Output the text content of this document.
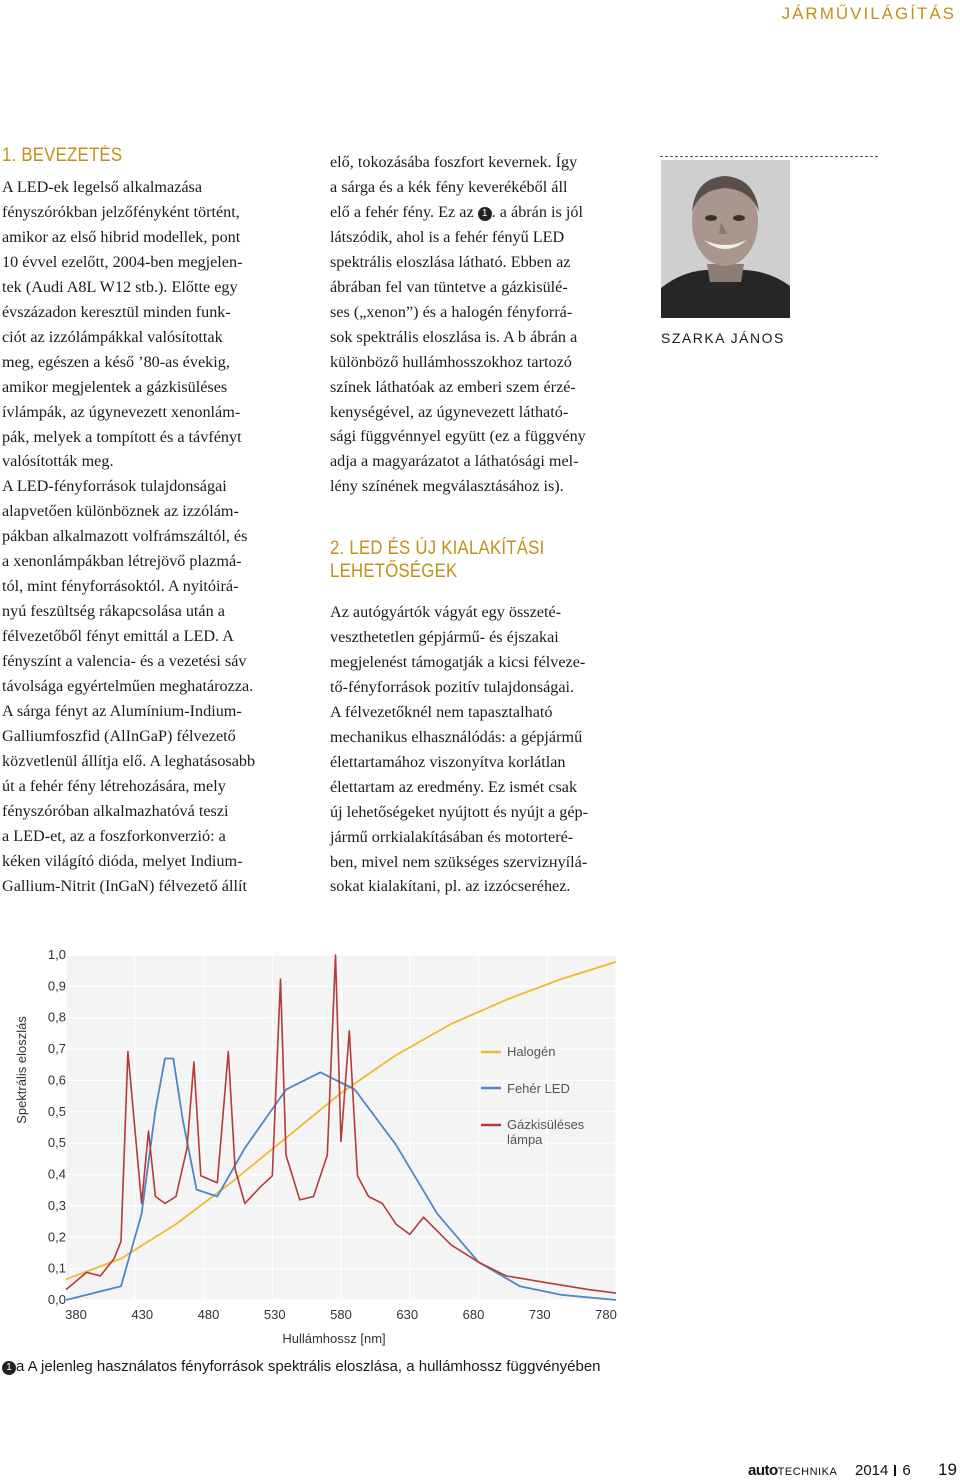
JÁRMŰVILÁGÍTÁS
1. BEVEZETÉS
A LED-ek legelső alkalmazása
fényszórókban jelzőfényként történt,
amikor az első hibrid modellek, pont
10 évvel ezelőtt, 2004-ben megjelen-
tek (Audi A8L W12 stb.). Előtte egy
évszázadon keresztül minden funk-
ciót az izzólámpákkal valósítottak
meg, egészen a késő ’80-as évekig,
amikor megjelentek a gázkisüléses
ívlámpák, az úgynevezett xenonlám-
pák, melyek a tompított és a távfényt
valósították meg.
A LED-fényforrások tulajdonságai
alapvetően különböznek az izzólám-
pákban alkalmazott volfrámszáltól, és
a xenonlámpákban létrejövő plazmá-
tól, mint fényforrásoktól. A nyitóirá-
nyú feszültség rákapcsolása után a
félvezetőből fényt emittál a LED. A
fényszínt a valencia- és a vezetési sáv
távolsága egyértelműen meghatározza.
A sárga fényt az Alumínium-Indium-
Galliumfoszfid (AlInGaP) félvezető
közvetlenül állítja elő. A leghatásosabb
út a fehér fény létrehozására, mely
fényszóróban alkalmazhatóvá teszi
a LED-et, az a foszforkonverzió: a
kéken világító dióda, melyet Indium-
Gallium-Nitrit (InGaN) félvezető állít
elő, tokozásába foszfort kevernek. Így
a sárga és a kék fény keverékéből áll
elő a fehér fény. Ez az 1 . a ábrán is jól
látszódik, ahol is a fehér fényű LED
spektrális eloszlása látható. Ebben az
ábrában fel van tüntetve a gázkisülé-
ses („xenon”) és a halogén fényforrá-
sok spektrális eloszlása is. A b ábrán a
különböző hullámhosszokhoz tartozó
színek láthatóak az emberi szem érzé-
kenységével, az úgynevezett látható-
sági függvénnyel együtt (ez a függvény
adja a magyarázatot a láthatósági mel-
lény színének megválasztásához is).
2. LED ÉS ÚJ KIALAKÍTÁSI
LEHETŐSÉGEK
Az autógyártók vágyát egy összeté-
veszthetetlen gépjármű- és éjszakai
megjelenést támogatják a kicsi félveze-
tő-fényforrások pozitív tulajdonságai.
A félvezetőknél nem tapasztalható
mechanikus elhasználódás: a gépjármű
élettartamához viszonyítva korlátlan
élettartam az eredmény. Ez ismét csak
új lehetőségeket nyújtott és nyújt a gép-
jármű orrkialakításában és motorteré-
ben, mivel nem szükséges szervizнyílá-
sokat kialakítani, pl. az izzócseréhez.
SZARKA JÁNOS
Spektrális eloszlás
Hullámhossz [nm]
0,0
0,1
0,2
0,3
0,4
0,5
0,5
0,6
0,7
0,8
0,9
1,0
380	430	480	530	580	630	680	730	780
Halogén
Fehér LED
Gázkisüléses lámpa
1 a A jelenleg használatos fényforrások spektrális eloszlása, a hullámhossz függvényében
autoTECHNIKA 2014 6 19
